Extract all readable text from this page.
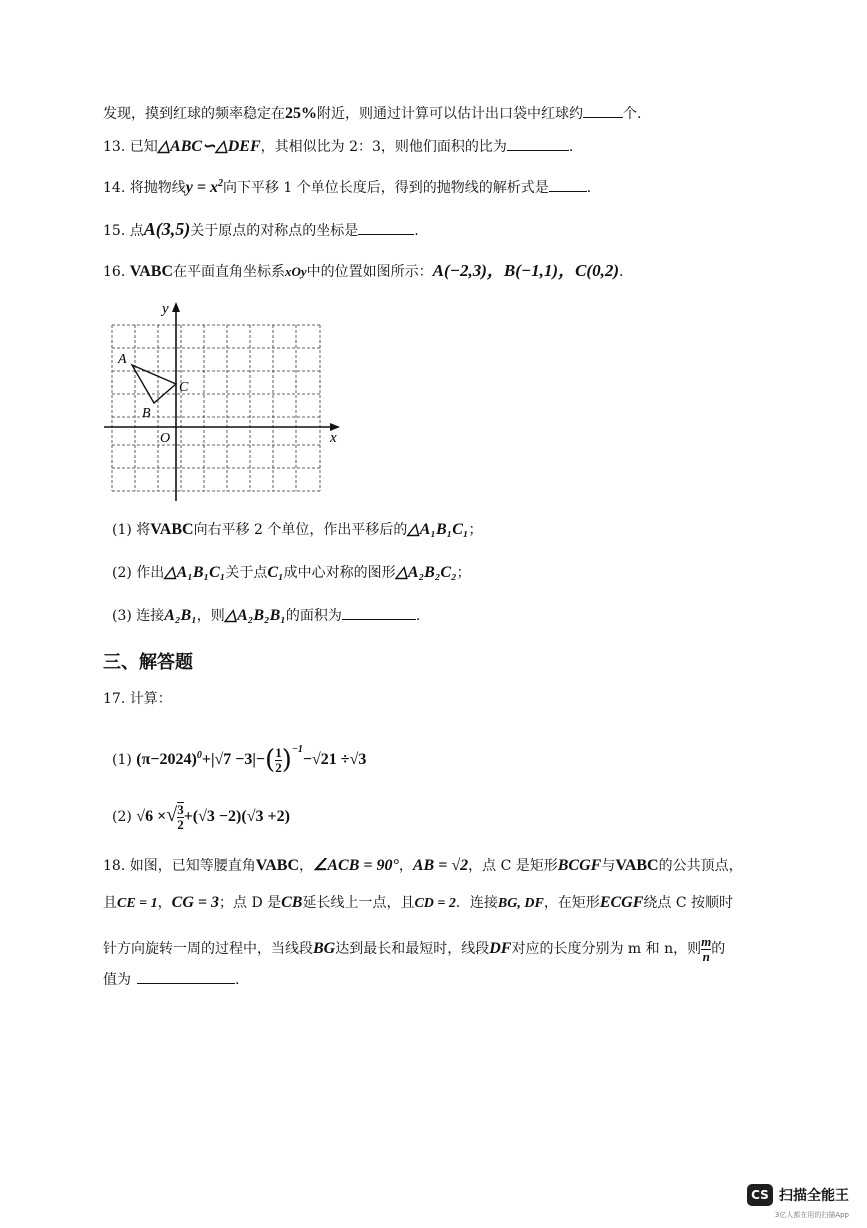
发现，摸到红球的频率稳定在25%附近，则通过计算可以估计出口袋中红球约	个.
13. 已知△ABC∽△DEF，其相似比为 2：3，则他们面积的比为	.
14. 将抛物线$y = x^2$向下平移 1 个单位长度后，得到的抛物线的解析式是	.
15. 点A(3,5)关于原点的对称点的坐标是	.
16. VABC在平面直角坐标系xOy中的位置如图所示：A(−2,3)，B(−1,1)，C(0,2).
y
x
O
A
B
C
(1) 将VABC向右平移 2 个单位，作出平移后的△A₁B₁C₁；
(2) 作出△A₁B₁C₁关于点C₁成中心对称的图形△A₂B₂C₂；
(3) 连接A₂B₁，则△A₂B₂B₁的面积为	.
三、解答题
17. 计算：
(1) $(\pi-2024)^0+|√7 -3|-( \frac{1}{2} )^{-1}-√21 \div√3$
(2) √6 ×√ $\frac{3}{2} +(√3 -2)(√3 +2)$
18. 如图，已知等腰直角VABC，∠ACB = 90°，AB = √2，点 C 是矩形BCGF与VABC的公共顶点，
且CE = 1，CG = 3；点 D 是CB延长线上一点，且CD = 2．连接BG, DF，在矩形ECGF绕点 C 按顺时
针方向旋转一周的过程中，当线段BG达到最长和最短时，线段DF对应的长度分别为 m 和 n，则 $\frac{m}{n}$ 的
值为	.
CS 扫描全能王
3亿人都在用的扫描App
